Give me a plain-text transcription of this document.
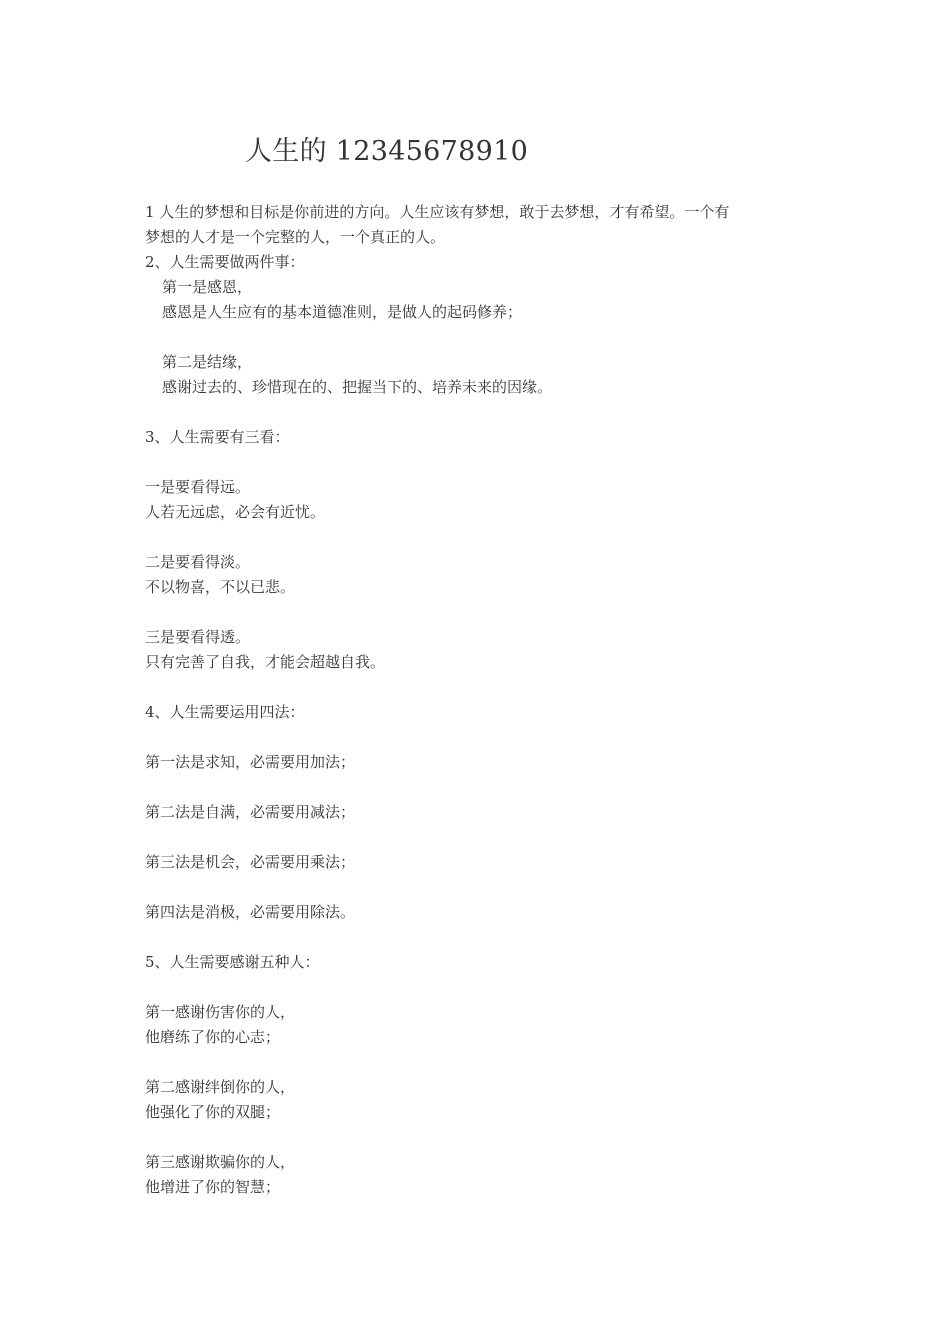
人生的 12345678910
1 人生的梦想和目标是你前进的方向。人生应该有梦想，敢于去梦想，才有希望。一个有
梦想的人才是一个完整的人，一个真正的人。
2、人生需要做两件事：
第一是感恩，
感恩是人生应有的基本道德准则，是做人的起码修养；
第二是结缘，
感谢过去的、珍惜现在的、把握当下的、培养未来的因缘。
3、人生需要有三看：
一是要看得远。
人若无远虑，必会有近忧。
二是要看得淡。
不以物喜，不以已悲。
三是要看得透。
只有完善了自我，才能会超越自我。
4、人生需要运用四法：
第一法是求知，必需要用加法；
第二法是自满，必需要用减法；
第三法是机会，必需要用乘法；
第四法是消极，必需要用除法。
5、人生需要感谢五种人：
第一感谢伤害你的人，
他磨练了你的心志；
第二感谢绊倒你的人，
他强化了你的双腿；
第三感谢欺骗你的人，
他增进了你的智慧；
